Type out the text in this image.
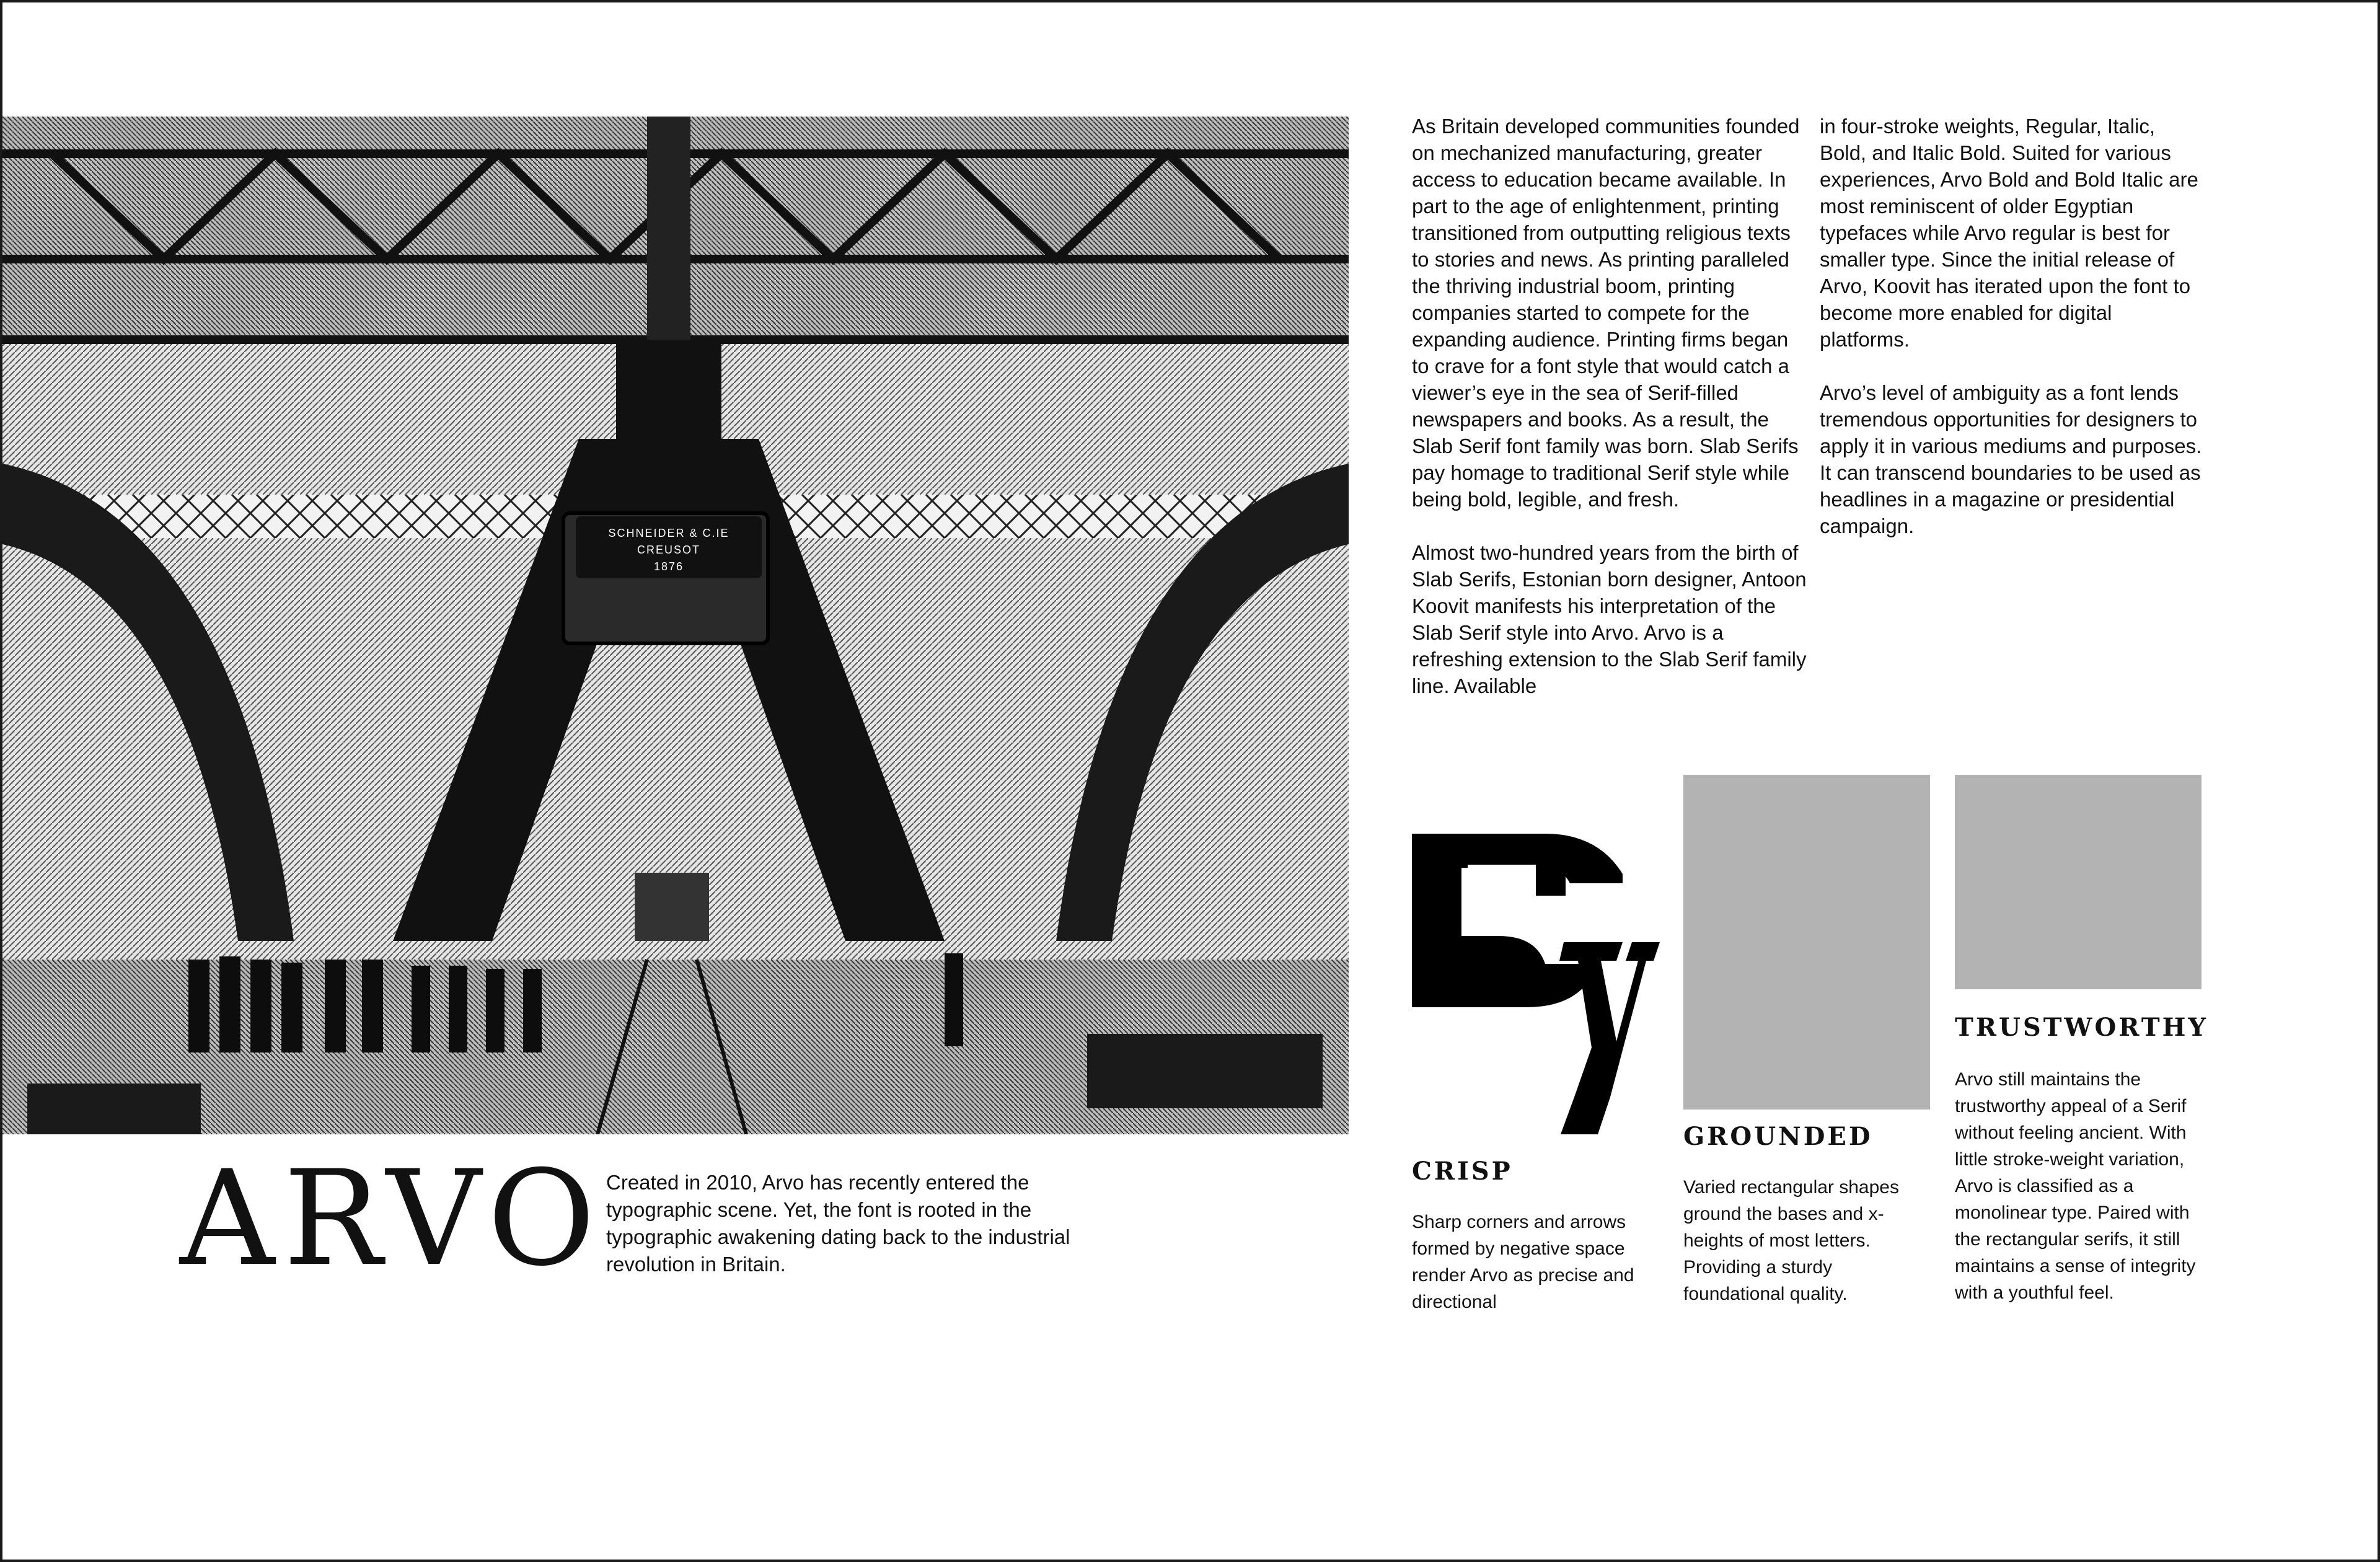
SCHNEIDER & C.IE
CREUSOT
1876
ARVO Created in 2010, Arvo has recently entered the typographic scene. Yet, the font is rooted in the typographic awakening dating back to the industrial revolution in Britain.

As Britain developed communities founded on mechanized manufacturing, greater access to education became available. In part to the age of enlightenment, printing transitioned from outputting religious texts to stories and news. As printing paralleled the thriving industrial boom, printing companies started to compete for the expanding audience. Printing firms began to crave for a font style that would catch a viewer’s eye in the sea of Serif-filled newspapers and books. As a result, the Slab Serif font family was born. Slab Serifs pay homage to traditional Serif style while being bold, legible, and fresh.

Almost two-hundred years from the birth of Slab Serifs, Estonian born designer, Antoon Koovit manifests his interpretation of the Slab Serif style into Arvo. Arvo is a refreshing extension to the Slab Serif family line. Available

in four-stroke weights, Regular, Italic, Bold, and Italic Bold. Suited for various experiences, Arvo Bold and Bold Italic are most reminiscent of older Egyptian typefaces while Arvo regular is best for smaller type. Since the initial release of Arvo, Koovit has iterated upon the font to become more enabled for digital platforms.

Arvo’s level of ambiguity as a font lends tremendous opportunities for designers to apply it in various mediums and purposes. It can transcend boundaries to be used as headlines in a magazine or presidential campaign.

CRISP
GROUNDED
TRUSTWORTHY

Sharp corners and arrows formed by negative space render Arvo as precise and directional

Varied rectangular shapes ground the bases and x-heights of most letters. Providing a sturdy foundational quality.

Arvo still maintains the trustworthy appeal of a Serif without feeling ancient. With little stroke-weight variation, Arvo is classified as a monolinear type. Paired with the rectangular serifs, it still maintains a sense of integrity with a youthful feel.
